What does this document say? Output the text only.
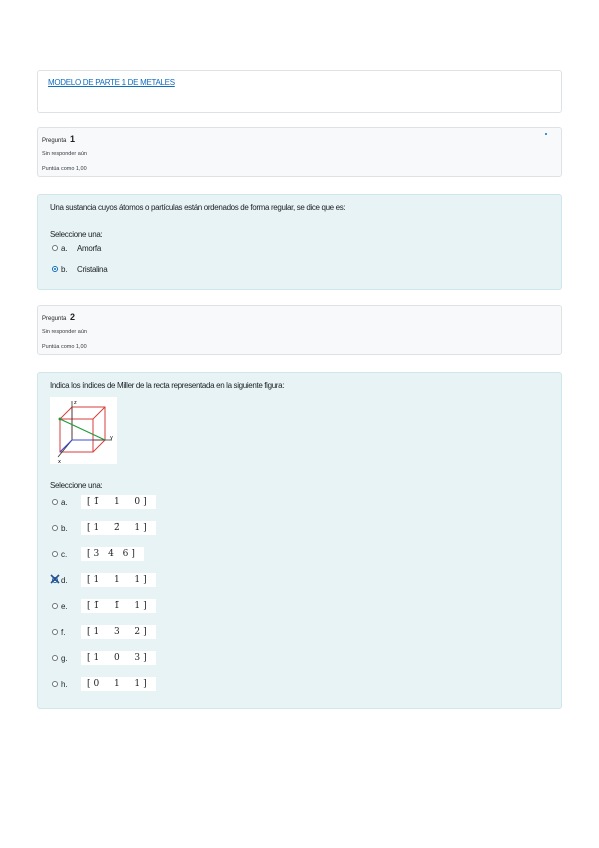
MODELO DE PARTE 1 DE METALES
Pregunta 1
Sin responder aún
Puntúa como 1,00
Una sustancia cuyos átomos o partículas están ordenados de forma regular, se dice que es:
Seleccione una:
a.	Amorfa
b.	Cristalina
Pregunta 2
Sin responder aún
Puntúa como 1,00
Indica los índices de Miller de la recta representada en la siguiente figura:
z
y
x
Seleccione una:
a.	[1̄  1  0]
b.	[1  2̄  1]
c.	[3 4 6]
d.	[1  1  1]
e.	[1̄  1̄  1]
f.	[1  3  2]
g.	[1  0  3]
h.	[0  1  1]
